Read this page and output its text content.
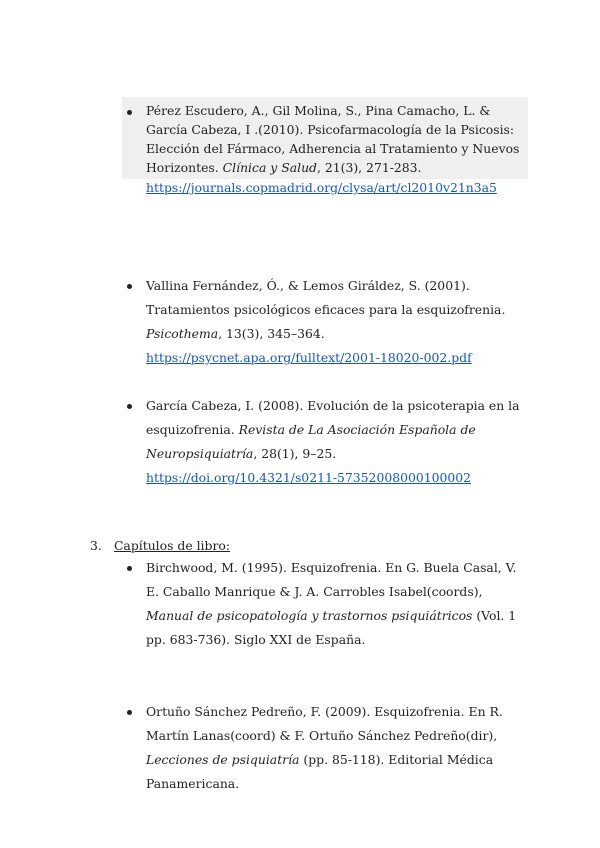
Pérez Escudero, A., Gil Molina, S., Pina Camacho, L. & García Cabeza, I .(2010). Psicofarmacología de la Psicosis: Elección del Fármaco, Adherencia al Tratamiento y Nuevos Horizontes. Clínica y Salud, 21(3), 271-283.

https://journals.copmadrid.org/clysa/art/cl2010v21n3a5

Vallina Fernández, Ó., & Lemos Giráldez, S. (2001). Tratamientos psicológicos eficaces para la esquizofrenia. Psicothema, 13(3), 345–364. https://psycnet.apa.org/fulltext/2001-18020-002.pdf

García Cabeza, I. (2008). Evolución de la psicoterapia en la esquizofrenia. Revista de La Asociación Española de Neuropsiquiatría, 28(1), 9–25. https://doi.org/10.4321/s0211-57352008000100002

3. Capítulos de libro:

Birchwood, M. (1995). Esquizofrenia. En G. Buela Casal, V. E. Caballo Manrique & J. A. Carrobles Isabel(coords), Manual de psicopatología y trastornos psiquiátricos (Vol. 1 pp. 683-736). Siglo XXI de España.

Ortuño Sánchez Pedreño, F. (2009). Esquizofrenia. En R. Martín Lanas(coord) & F. Ortuño Sánchez Pedreño(dir), Lecciones de psiquiatría (pp. 85-118). Editorial Médica Panamericana.
